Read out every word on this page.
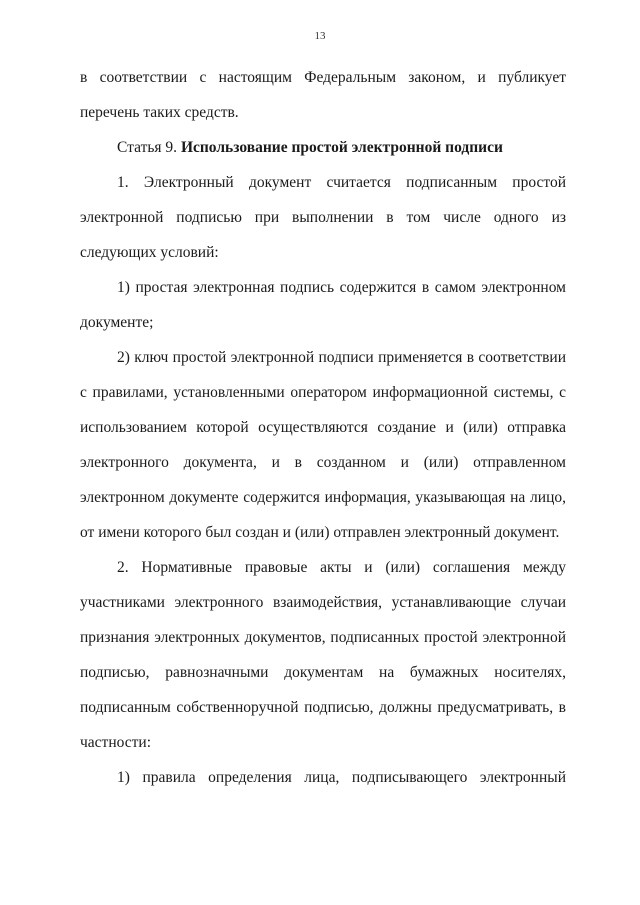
13

в соответствии с настоящим Федеральным законом, и публикует перечень таких средств.

Статья 9. Использование простой электронной подписи

1. Электронный документ считается подписанным простой электронной подписью при выполнении в том числе одного из следующих условий:

1) простая электронная подпись содержится в самом электронном документе;

2) ключ простой электронной подписи применяется в соответствии с правилами, установленными оператором информационной системы, с использованием которой осуществляются создание и (или) отправка электронного документа, и в созданном и (или) отправленном электронном документе содержится информация, указывающая на лицо, от имени которого был создан и (или) отправлен электронный документ.

2. Нормативные правовые акты и (или) соглашения между участниками электронного взаимодействия, устанавливающие случаи признания электронных документов, подписанных простой электронной подписью, равнозначными документам на бумажных носителях, подписанным собственноручной подписью, должны предусматривать, в частности:

1) правила определения лица, подписывающего электронный
